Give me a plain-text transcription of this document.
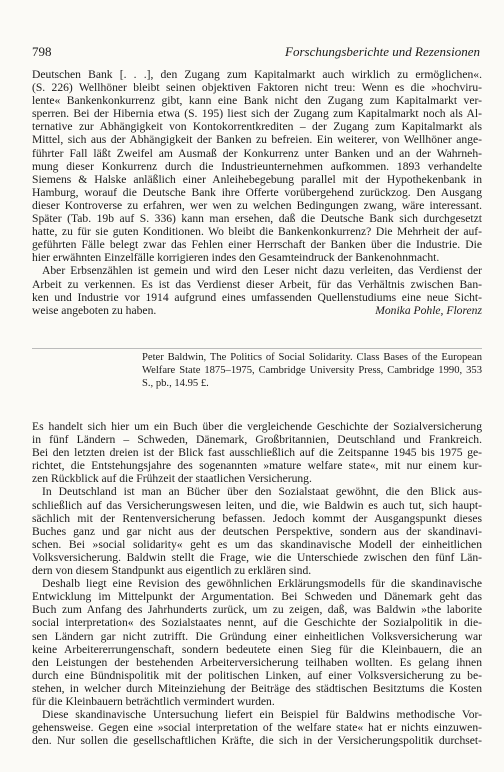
798	Forschungsberichte und Rezensionen
Deutschen Bank [. . .], den Zugang zum Kapitalmarkt auch wirklich zu ermöglichen«.
(S. 226) Wellhöner bleibt seinen objektiven Faktoren nicht treu: Wenn es die »hochviru-
lente« Bankenkonkurrenz gibt, kann eine Bank nicht den Zugang zum Kapitalmarkt ver-
sperren. Bei der Hibernia etwa (S. 195) liest sich der Zugang zum Kapitalmarkt noch als Al-
ternative zur Abhängigkeit von Kontokorrentkrediten – der Zugang zum Kapitalmarkt als
Mittel, sich aus der Abhängigkeit der Banken zu befreien. Ein weiterer, von Wellhöner ange-
führter Fall läßt Zweifel am Ausmaß der Konkurrenz unter Banken und an der Wahrneh-
mung dieser Konkurrenz durch die Industrieunternehmen aufkommen. 1893 verhandelte
Siemens & Halske anläßlich einer Anleihebegebung parallel mit der Hypothekenbank in
Hamburg, worauf die Deutsche Bank ihre Offerte vorübergehend zurückzog. Den Ausgang
dieser Kontroverse zu erfahren, wer wen zu welchen Bedingungen zwang, wäre interessant.
Später (Tab. 19b auf S. 336) kann man ersehen, daß die Deutsche Bank sich durchgesetzt
hatte, zu für sie guten Konditionen. Wo bleibt die Bankenkonkurrenz? Die Mehrheit der auf-
geführten Fälle belegt zwar das Fehlen einer Herrschaft der Banken über die Industrie. Die
hier erwähnten Einzelfälle korrigieren indes den Gesamteindruck der Bankenohnmacht.
Aber Erbsenzählen ist gemein und wird den Leser nicht dazu verleiten, das Verdienst der
Arbeit zu verkennen. Es ist das Verdienst dieser Arbeit, für das Verhältnis zwischen Ban-
ken und Industrie vor 1914 aufgrund eines umfassenden Quellenstudiums eine neue Sicht-
weise angeboten zu haben.	Monika Pohle, Florenz
Peter Baldwin, The Politics of Social Solidarity. Class Bases of the European
Welfare State 1875–1975, Cambridge University Press, Cambridge 1990, 353
S., pb., 14.95 £.
Es handelt sich hier um ein Buch über die vergleichende Geschichte der Sozialversicherung
in fünf Ländern – Schweden, Dänemark, Großbritannien, Deutschland und Frankreich.
Bei den letzten dreien ist der Blick fast ausschließlich auf die Zeitspanne 1945 bis 1975 ge-
richtet, die Entstehungsjahre des sogenannten »mature welfare state«, mit nur einem kur-
zen Rückblick auf die Frühzeit der staatlichen Versicherung.
In Deutschland ist man an Bücher über den Sozialstaat gewöhnt, die den Blick aus-
schließlich auf das Versicherungswesen leiten, und die, wie Baldwin es auch tut, sich haupt-
sächlich mit der Rentenversicherung befassen. Jedoch kommt der Ausgangspunkt dieses
Buches ganz und gar nicht aus der deutschen Perspektive, sondern aus der skandinavi-
schen. Bei »social solidarity« geht es um das skandinavische Modell der einheitlichen
Volksversicherung. Baldwin stellt die Frage, wie die Unterschiede zwischen den fünf Län-
dern von diesem Standpunkt aus eigentlich zu erklären sind.
Deshalb liegt eine Revision des gewöhnlichen Erklärungsmodells für die skandinavische
Entwicklung im Mittelpunkt der Argumentation. Bei Schweden und Dänemark geht das
Buch zum Anfang des Jahrhunderts zurück, um zu zeigen, daß, was Baldwin »the laborite
social interpretation« des Sozialstaates nennt, auf die Geschichte der Sozialpolitik in die-
sen Ländern gar nicht zutrifft. Die Gründung einer einheitlichen Volksversicherung war
keine Arbeitererrungenschaft, sondern bedeutete einen Sieg für die Kleinbauern, die an
den Leistungen der bestehenden Arbeiterversicherung teilhaben wollten. Es gelang ihnen
durch eine Bündnispolitik mit der politischen Linken, auf einer Volksversicherung zu be-
stehen, in welcher durch Miteinziehung der Beiträge des städtischen Besitztums die Kosten
für die Kleinbauern beträchtlich vermindert wurden.
Diese skandinavische Untersuchung liefert ein Beispiel für Baldwins methodische Vor-
gehensweise. Gegen eine »social interpretation of the welfare state« hat er nichts einzuwen-
den. Nur sollen die gesellschaftlichen Kräfte, die sich in der Versicherungspolitik durchset-
